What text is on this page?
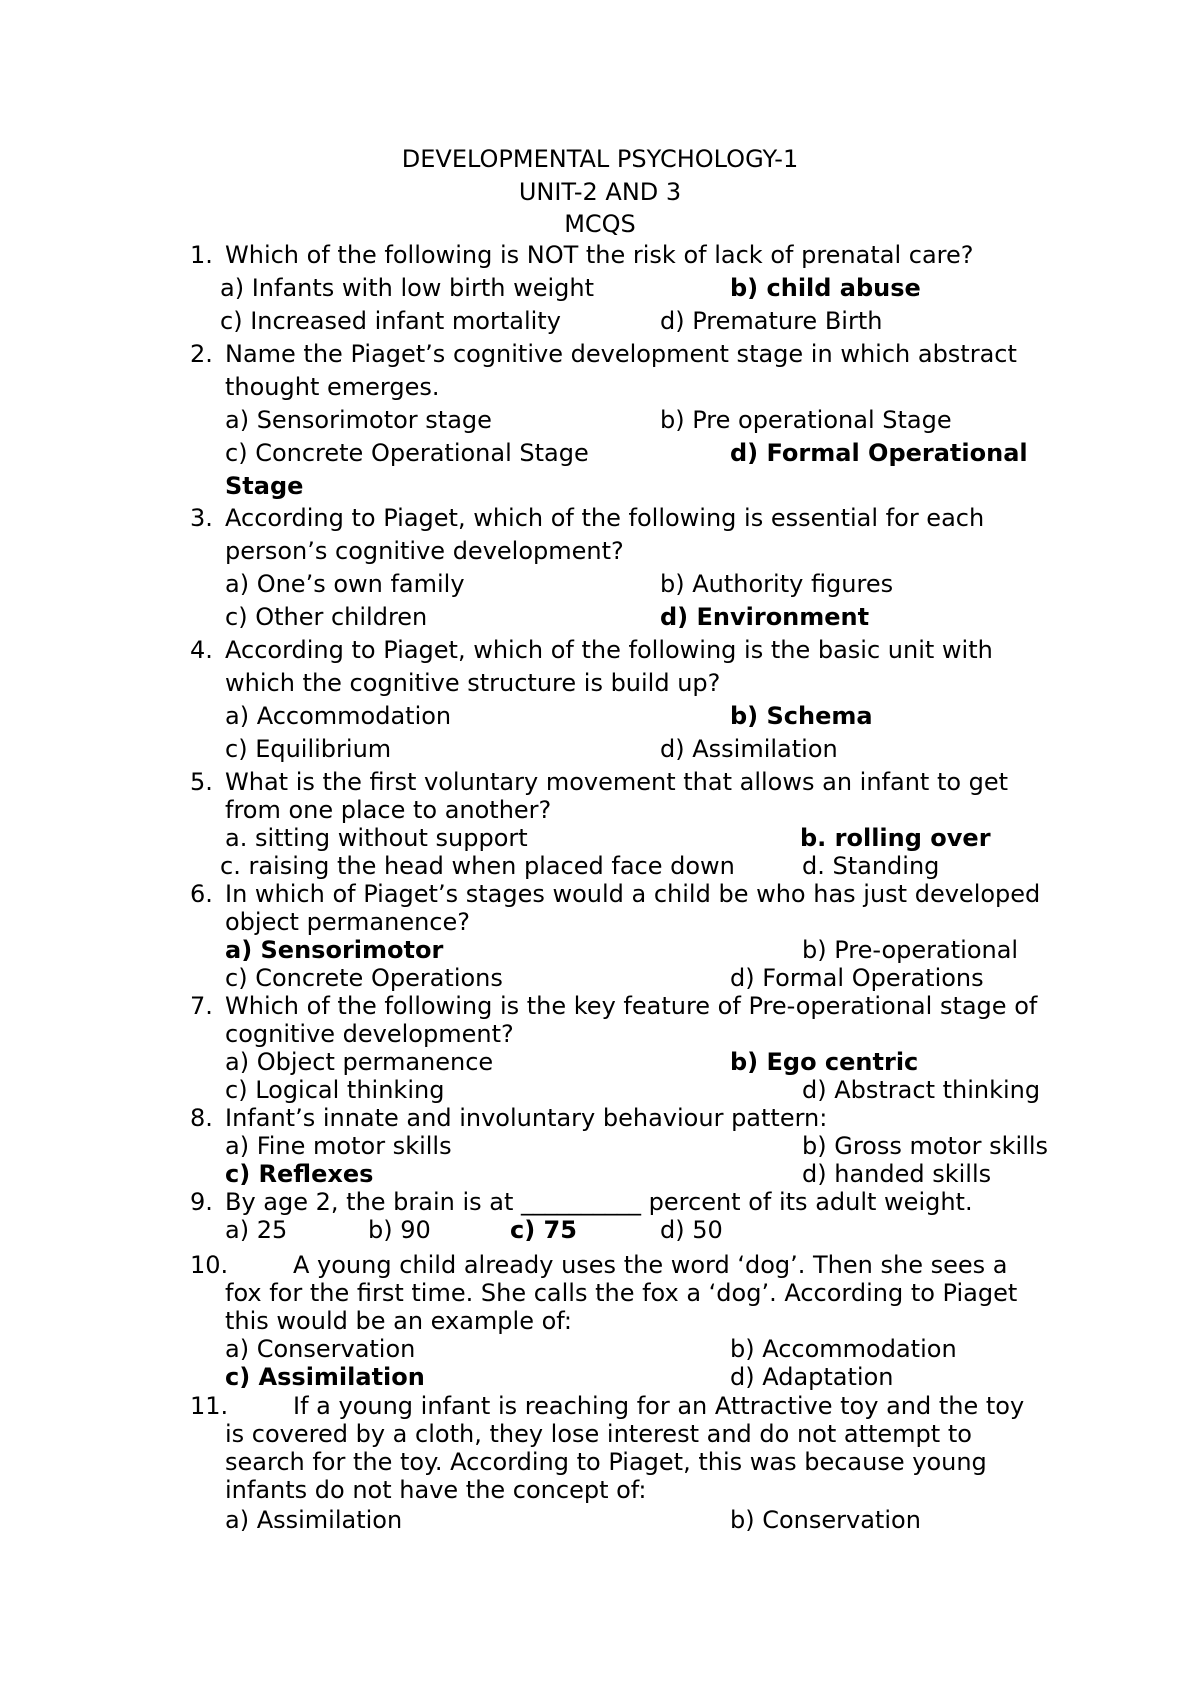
DEVELOPMENTAL PSYCHOLOGY-1
UNIT-2 AND 3
MCQS
1. Which of the following is NOT the risk of lack of prenatal care?
a) Infants with low birth weight	b) child abuse
c) Increased infant mortality	d) Premature Birth
2. Name the Piaget’s cognitive development stage in which abstract
thought emerges.
a) Sensorimotor stage	b) Pre operational Stage
c) Concrete Operational Stage	d) Formal Operational
Stage
3. According to Piaget, which of the following is essential for each
person’s cognitive development?
a) One’s own family	b) Authority figures
c) Other children	d) Environment
4. According to Piaget, which of the following is the basic unit with
which the cognitive structure is build up?
a) Accommodation	b) Schema
c) Equilibrium	d) Assimilation
5. What is the first voluntary movement that allows an infant to get
from one place to another?
a. sitting without support	b. rolling over
c. raising the head when placed face down	d. Standing
6. In which of Piaget’s stages would a child be who has just developed
object permanence?
a) Sensorimotor	b) Pre-operational
c) Concrete Operations	d) Formal Operations
7. Which of the following is the key feature of Pre-operational stage of
cognitive development?
a) Object permanence	b) Ego centric
c) Logical thinking	d) Abstract thinking
8. Infant’s innate and involuntary behaviour pattern:
a) Fine motor skills	b) Gross motor skills
c) Reflexes	d) handed skills
9. By age 2, the brain is at __________ percent of its adult weight.
a) 25	b) 90	c) 75	d) 50
10.	A young child already uses the word ‘dog’. Then she sees a
fox for the first time. She calls the fox a ‘dog’. According to Piaget
this would be an example of:
a) Conservation	b) Accommodation
c) Assimilation	d) Adaptation
11.	If a young infant is reaching for an Attractive toy and the toy
is covered by a cloth, they lose interest and do not attempt to
search for the toy. According to Piaget, this was because young
infants do not have the concept of:
a) Assimilation	b) Conservation
